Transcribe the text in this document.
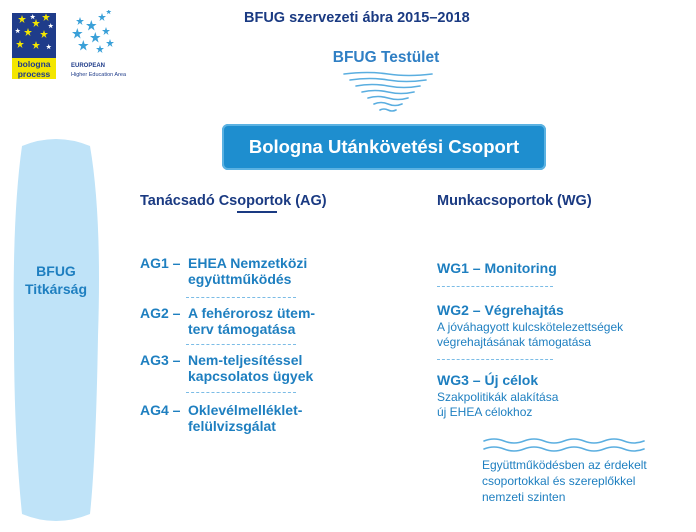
bologna
process
EUROPEAN
Higher Education Area
BFUG szervezeti ábra 2015–2018
BFUG Testület
Bologna Utánkövetési Csoport
BFUG
Titkárság
Tanácsadó Csoportok (AG)
AG1 – EHEA Nemzetközi
együttműködés
AG2 – A fehérorosz ütem-
terv támogatása
AG3 – Nem-teljesítéssel
kapcsolatos ügyek
AG4 – Oklevélmelléklet-
felülvizsgálat
Munkacsoportok (WG)
WG1 – Monitoring
WG2 – Végrehajtás
A jóváhagyott kulcskötelezettségek
végrehajtásának támogatása
WG3 – Új célok
Szakpolitikák alakítása
új EHEA célokhoz
Együttműködésben az érdekelt
csoportokkal és szereplőkkel
nemzeti szinten
